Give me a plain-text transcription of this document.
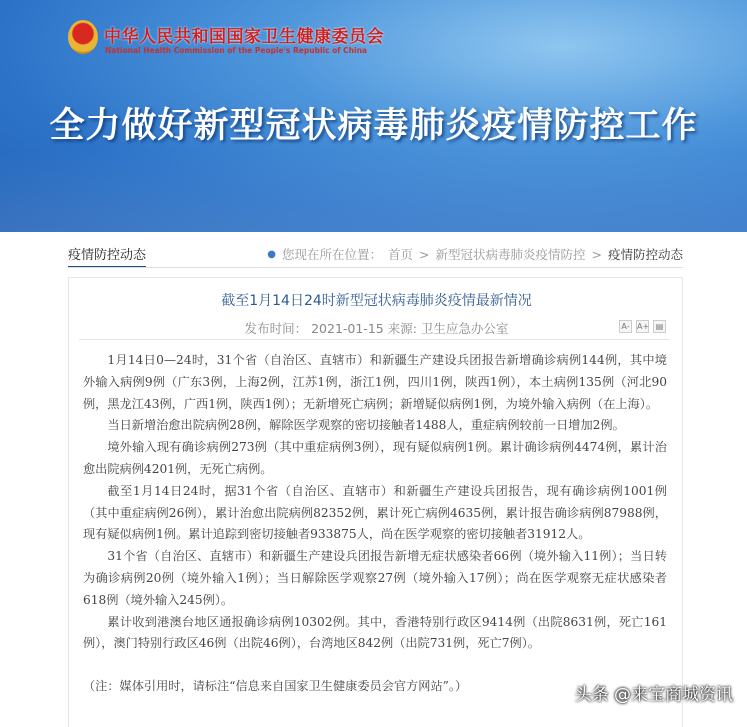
中华人民共和国国家卫生健康委员会
National Health Commission of the People's Republic of China
全力做好新型冠状病毒肺炎疫情防控工作
疫情防控动态	● 您现在所在位置： 首页 > 新型冠状病毒肺炎疫情防控 > 疫情防控动态
截至1月14日24时新型冠状病毒肺炎疫情最新情况
发布时间： 2021-01-15 来源: 卫生应急办公室	A- A+ ▤

1月14日0—24时，31个省（自治区、直辖市）和新疆生产建设兵团报告新增确诊病例144例，其中境外输入病例9例（广东3例，上海2例，江苏1例，浙江1例，四川1例，陕西1例），本土病例135例（河北90例，黑龙江43例，广西1例，陕西1例）；无新增死亡病例；新增疑似病例1例，为境外输入病例（在上海）。

当日新增治愈出院病例28例，解除医学观察的密切接触者1488人，重症病例较前一日增加2例。

境外输入现有确诊病例273例（其中重症病例3例），现有疑似病例1例。累计确诊病例4474例，累计治愈出院病例4201例，无死亡病例。

截至1月14日24时，据31个省（自治区、直辖市）和新疆生产建设兵团报告，现有确诊病例1001例（其中重症病例26例），累计治愈出院病例82352例，累计死亡病例4635例，累计报告确诊病例87988例，现有疑似病例1例。累计追踪到密切接触者933875人，尚在医学观察的密切接触者31912人。

31个省（自治区、直辖市）和新疆生产建设兵团报告新增无症状感染者66例（境外输入11例）；当日转为确诊病例20例（境外输入1例）；当日解除医学观察27例（境外输入17例）；尚在医学观察无症状感染者618例（境外输入245例）。

累计收到港澳台地区通报确诊病例10302例。其中，香港特别行政区9414例（出院8631例，死亡161例），澳门特别行政区46例（出院46例），台湾地区842例（出院731例，死亡7例）。

（注：媒体引用时，请标注“信息来自国家卫生健康委员会官方网站”。）	头条 @来宝商城资讯
